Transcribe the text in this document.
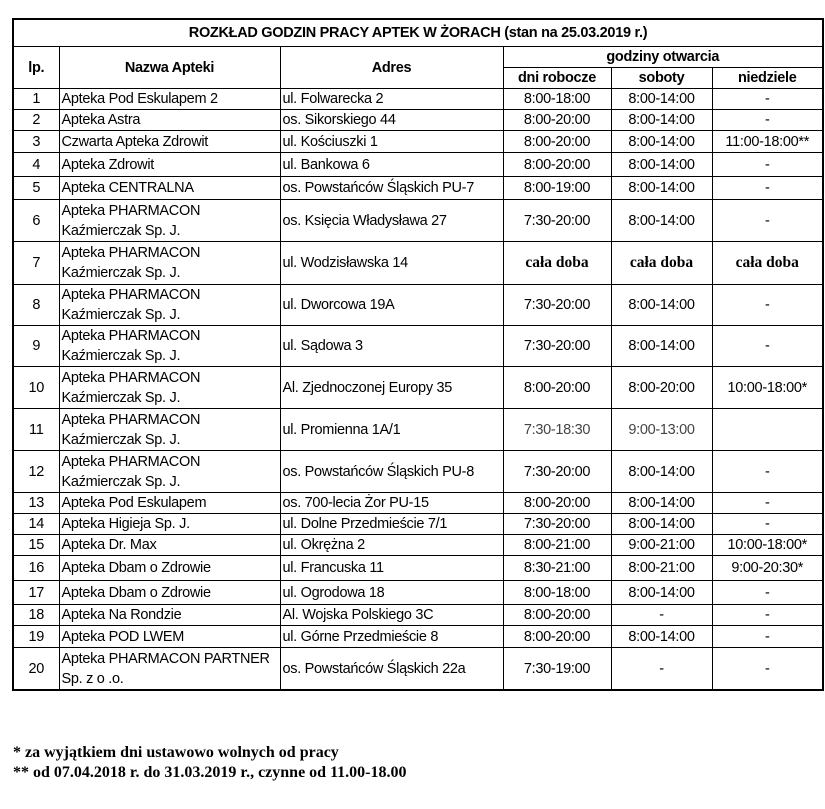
ROZKŁAD GODZIN PRACY APTEK W ŻORACH (stan na 25.03.2019 r.)					
lp.	Nazwa Apteki	Adres	godziny otwarcia		
			dni robocze	soboty	niedziele
1	Apteka Pod Eskulapem 2	ul. Folwarecka 2	8:00-18:00	8:00-14:00	-
2	Apteka Astra	os. Sikorskiego 44	8:00-20:00	8:00-14:00	-
3	Czwarta Apteka Zdrowit	ul. Kościuszki 1	8:00-20:00	8:00-14:00	11:00-18:00**
4	Apteka Zdrowit	ul. Bankowa 6	8:00-20:00	8:00-14:00	-
5	Apteka CENTRALNA	os. Powstańców Śląskich PU-7	8:00-19:00	8:00-14:00	-
6	Apteka PHARMACON
Kaźmierczak Sp. J.	os. Księcia Władysława 27	7:30-20:00	8:00-14:00	-
7	Apteka PHARMACON
Kaźmierczak Sp. J.	ul. Wodzisławska 14	cała doba	cała doba	cała doba
8	Apteka PHARMACON
Kaźmierczak Sp. J.	ul. Dworcowa 19A	7:30-20:00	8:00-14:00	-
9	Apteka PHARMACON
Kaźmierczak Sp. J.	ul. Sądowa 3	7:30-20:00	8:00-14:00	-
10	Apteka PHARMACON
Kaźmierczak Sp. J.	Al. Zjednoczonej Europy 35	8:00-20:00	8:00-20:00	10:00-18:00*
11	Apteka PHARMACON
Kaźmierczak Sp. J.	ul. Promienna 1A/1	7:30-18:30	9:00-13:00	
12	Apteka PHARMACON
Kaźmierczak Sp. J.	os. Powstańców Śląskich PU-8	7:30-20:00	8:00-14:00	-
13	Apteka Pod Eskulapem	os. 700-lecia Żor PU-15	8:00-20:00	8:00-14:00	-
14	Apteka Higieja Sp. J.	ul. Dolne Przedmieście 7/1	7:30-20:00	8:00-14:00	-
15	Apteka Dr. Max	ul. Okrężna 2	8:00-21:00	9:00-21:00	10:00-18:00*
16	Apteka Dbam o Zdrowie	ul. Francuska 11	8:30-21:00	8:00-21:00	9:00-20:30*
17	Apteka Dbam o Zdrowie	ul. Ogrodowa 18	8:00-18:00	8:00-14:00	-
18	Apteka Na Rondzie	Al. Wojska Polskiego 3C	8:00-20:00	-	-
19	Apteka POD LWEM	ul. Górne Przedmieście 8	8:00-20:00	8:00-14:00	-
20	Apteka PHARMACON PARTNER
Sp. z o .o.	os. Powstańców Śląskich 22a	7:30-19:00	-	-
* za wyjątkiem dni ustawowo wolnych od pracy
** od 07.04.2018 r. do 31.03.2019 r., czynne od 11.00-18.00
